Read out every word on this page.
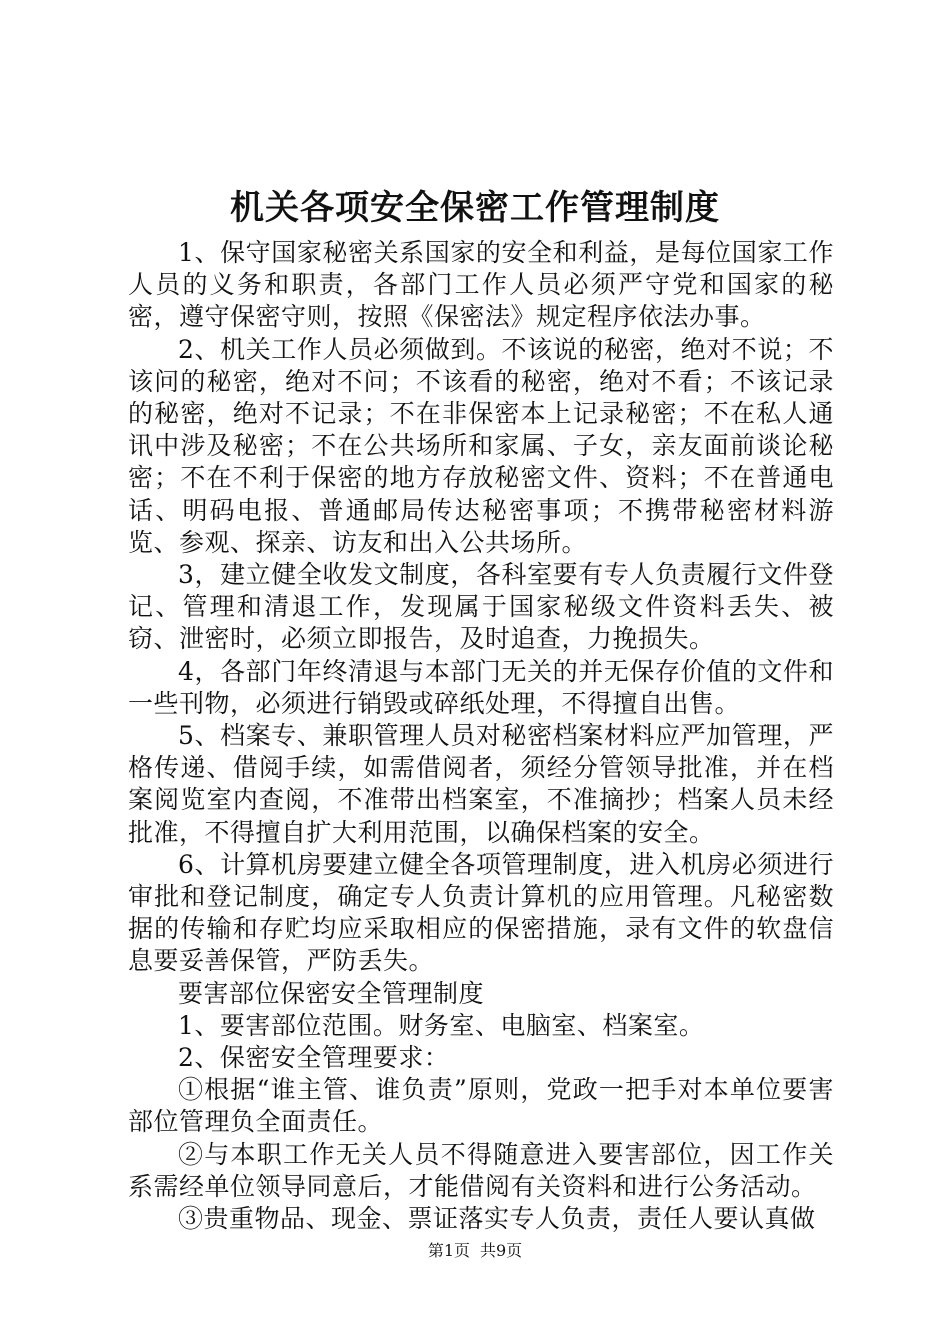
机关各项安全保密工作管理制度

1、保守国家秘密关系国家的安全和利益，是每位国家工作人员的义务和职责，各部门工作人员必须严守党和国家的秘密，遵守保密守则，按照《保密法》规定程序依法办事。

2、机关工作人员必须做到。不该说的秘密，绝对不说；不该问的秘密，绝对不问；不该看的秘密，绝对不看；不该记录的秘密，绝对不记录；不在非保密本上记录秘密；不在私人通讯中涉及秘密；不在公共场所和家属、子女，亲友面前谈论秘密；不在不利于保密的地方存放秘密文件、资料；不在普通电话、明码电报、普通邮局传达秘密事项；不携带秘密材料游览、参观、探亲、访友和出入公共场所。

3，建立健全收发文制度，各科室要有专人负责履行文件登记、管理和清退工作，发现属于国家秘级文件资料丢失、被窃、泄密时，必须立即报告，及时追查，力挽损失。

4，各部门年终清退与本部门无关的并无保存价值的文件和一些刊物，必须进行销毁或碎纸处理，不得擅自出售。

5、档案专、兼职管理人员对秘密档案材料应严加管理，严格传递、借阅手续，如需借阅者，须经分管领导批准，并在档案阅览室内查阅，不准带出档案室，不准摘抄；档案人员未经批准，不得擅自扩大利用范围，以确保档案的安全。

6、计算机房要建立健全各项管理制度，进入机房必须进行审批和登记制度，确定专人负责计算机的应用管理。凡秘密数据的传输和存贮均应采取相应的保密措施，录有文件的软盘信息要妥善保管，严防丢失。

要害部位保密安全管理制度

1、要害部位范围。财务室、电脑室、档案室。

2、保密安全管理要求：

①根据“谁主管、谁负责”原则，党政一把手对本单位要害部位管理负全面责任。

②与本职工作无关人员不得随意进入要害部位，因工作关系需经单位领导同意后，才能借阅有关资料和进行公务活动。

③贵重物品、现金、票证落实专人负责，责任人要认真做

第1页 共9页
